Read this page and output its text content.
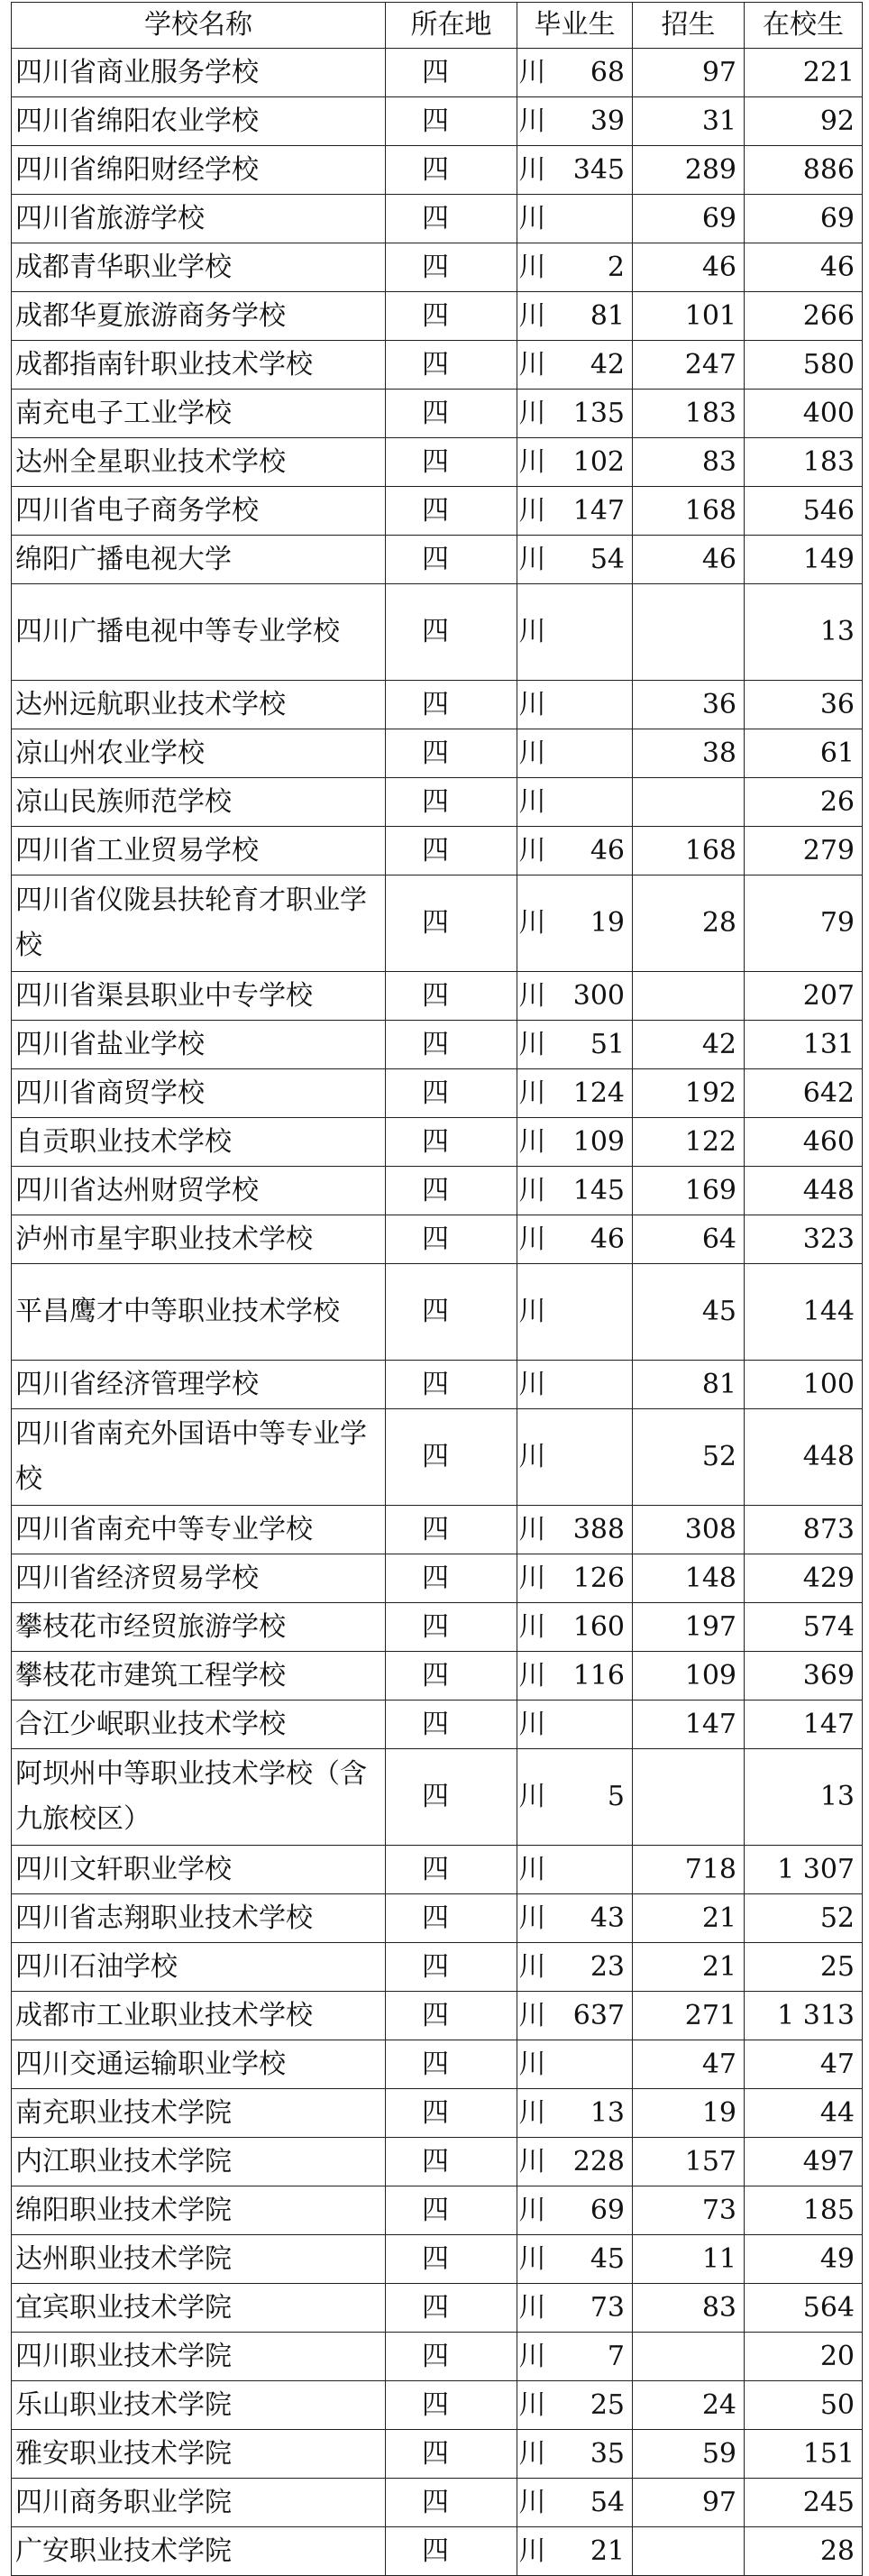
学校名称	所在地	毕业生	招生	在校生
四川省商业服务学校	四 川	68	97	221
四川省绵阳农业学校	四 川	39	31	92
四川省绵阳财经学校	四 川	345	289	886
四川省旅游学校	四 川		69	69
成都青华职业学校	四 川	2	46	46
成都华夏旅游商务学校	四 川	81	101	266
成都指南针职业技术学校	四 川	42	247	580
南充电子工业学校	四 川	135	183	400
达州全星职业技术学校	四 川	102	83	183
四川省电子商务学校	四 川	147	168	546
绵阳广播电视大学	四 川	54	46	149
四川广播电视中等专业学校	四 川			13
达州远航职业技术学校	四 川		36	36
凉山州农业学校	四 川		38	61
凉山民族师范学校	四 川			26
四川省工业贸易学校	四 川	46	168	279
四川省仪陇县扶轮育才职业学校	四 川	19	28	79
四川省渠县职业中专学校	四 川	300		207
四川省盐业学校	四 川	51	42	131
四川省商贸学校	四 川	124	192	642
自贡职业技术学校	四 川	109	122	460
四川省达州财贸学校	四 川	145	169	448
泸州市星宇职业技术学校	四 川	46	64	323
平昌鹰才中等职业技术学校	四 川		45	144
四川省经济管理学校	四 川		81	100
四川省南充外国语中等专业学校	四 川		52	448
四川省南充中等专业学校	四 川	388	308	873
四川省经济贸易学校	四 川	126	148	429
攀枝花市经贸旅游学校	四 川	160	197	574
攀枝花市建筑工程学校	四 川	116	109	369
合江少岷职业技术学校	四 川		147	147
阿坝州中等职业技术学校（含九旅校区）	四 川	5		13
四川文轩职业学校	四 川		718	1 307
四川省志翔职业技术学校	四 川	43	21	52
四川石油学校	四 川	23	21	25
成都市工业职业技术学校	四 川	637	271	1 313
四川交通运输职业学校	四 川		47	47
南充职业技术学院	四 川	13	19	44
内江职业技术学院	四 川	228	157	497
绵阳职业技术学院	四 川	69	73	185
达州职业技术学院	四 川	45	11	49
宜宾职业技术学院	四 川	73	83	564
四川职业技术学院	四 川	7		20
乐山职业技术学院	四 川	25	24	50
雅安职业技术学院	四 川	35	59	151
四川商务职业学院	四 川	54	97	245
广安职业技术学院	四 川	21		28
